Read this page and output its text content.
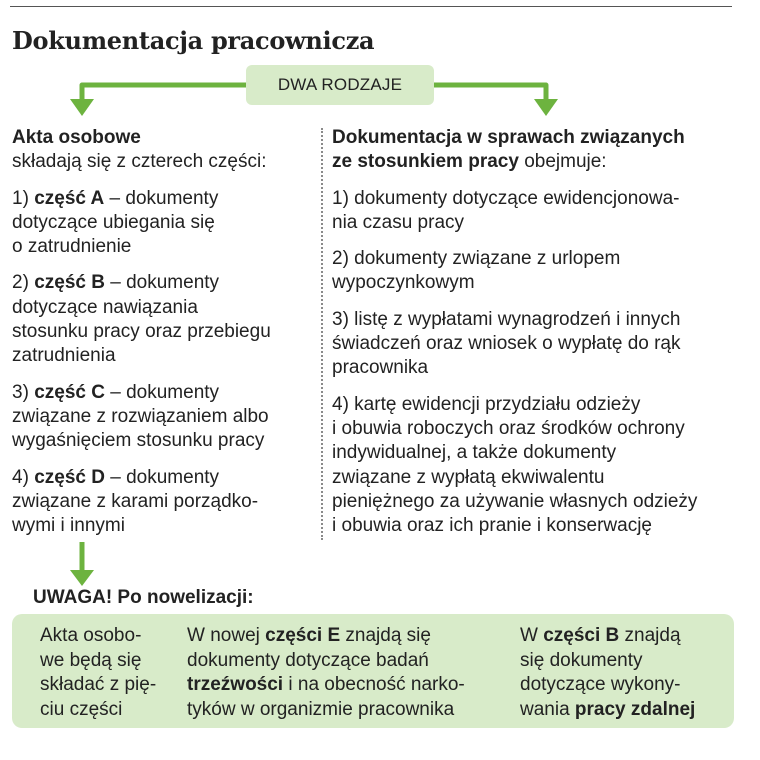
Dokumentacja pracownicza
DWA RODZAJE

Akta osobowe
składają się z czterech części:

1) część A – dokumenty
dotyczące ubiegania się
o zatrudnienie

2) część B – dokumenty
dotyczące nawiązania
stosunku pracy oraz przebiegu
zatrudnienia

3) część C – dokumenty
związane z rozwiązaniem albo
wygaśnięciem stosunku pracy

4) część D – dokumenty
związane z karami porządko-
wymi i innymi

Dokumentacja w sprawach związanych
ze stosunkiem pracy obejmuje:

1) dokumenty dotyczące ewidencjonowa-
nia czasu pracy

2) dokumenty związane z urlopem
wypoczynkowym

3) listę z wypłatami wynagrodzeń i innych
świadczeń oraz wniosek o wypłatę do rąk
pracownika

4) kartę ewidencji przydziału odzieży
i obuwia roboczych oraz środków ochrony
indywidualnej, a także dokumenty
związane z wypłatą ekwiwalentu
pieniężnego za używanie własnych odzieży
i obuwia oraz ich pranie i konserwację

UWAGA! Po nowelizacji:
Akta osobo-
we będą się
składać z pię-
ciu części
W nowej części E znajdą się
dokumenty dotyczące badań
trzeźwości i na obecność narko-
tyków w organizmie pracownika
W części B znajdą
się dokumenty
dotyczące wykony-
wania pracy zdalnej
